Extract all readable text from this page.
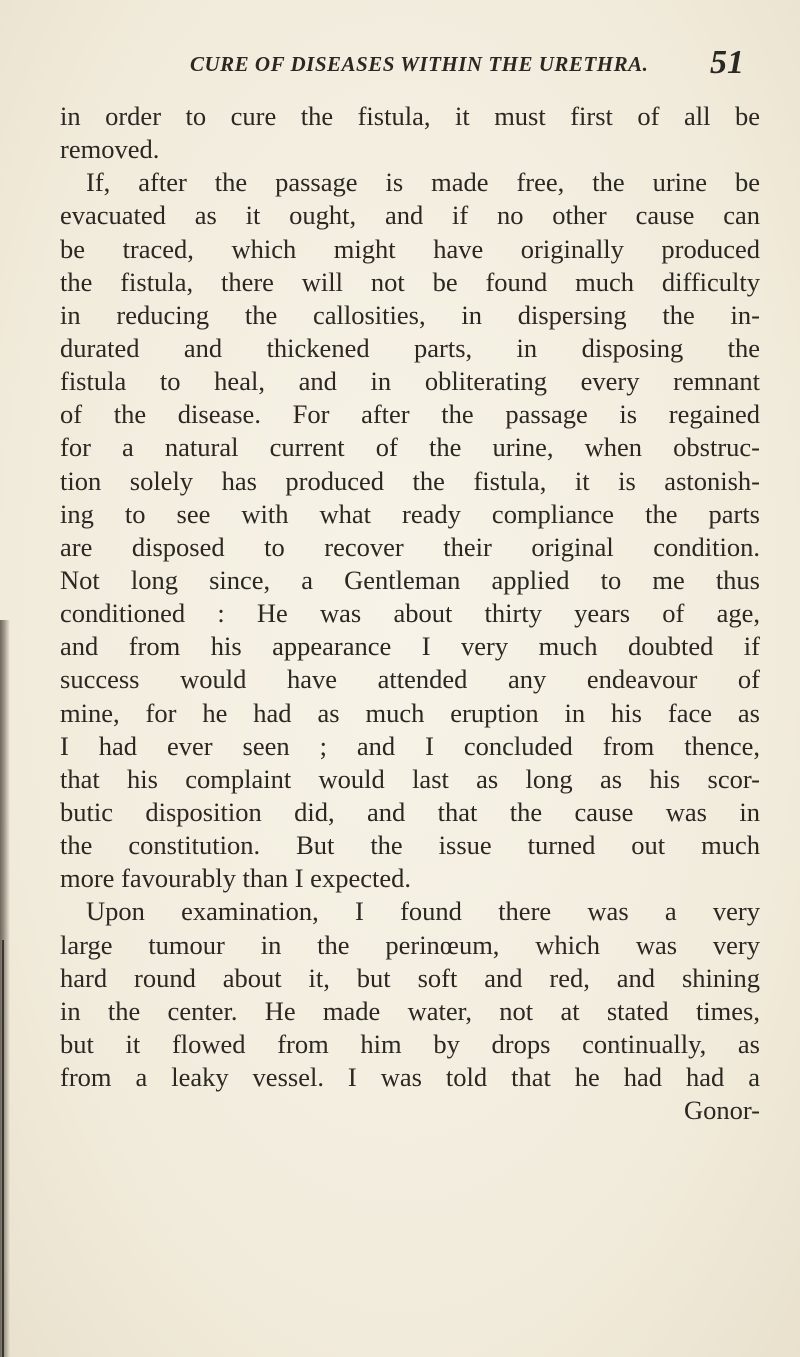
CURE OF DISEASES WITHIN THE URETHRA. 51
in order to cure the fistula, it must first of all be
removed.
If, after the passage is made free, the urine be
evacuated as it ought, and if no other cause can
be traced, which might have originally produced
the fistula, there will not be found much difficulty
in reducing the callosities, in dispersing the in-
durated and thickened parts, in disposing the
fistula to heal, and in obliterating every remnant
of the disease. For after the passage is regained
for a natural current of the urine, when obstruc-
tion solely has produced the fistula, it is astonish-
ing to see with what ready compliance the parts
are disposed to recover their original condition.
Not long since, a Gentleman applied to me thus
conditioned : He was about thirty years of age,
and from his appearance I very much doubted if
success would have attended any endeavour of
mine, for he had as much eruption in his face as
I had ever seen ; and I concluded from thence,
that his complaint would last as long as his scor-
butic disposition did, and that the cause was in
the constitution. But the issue turned out much
more favourably than I expected.
Upon examination, I found there was a very
large tumour in the perinœum, which was very
hard round about it, but soft and red, and shining
in the center. He made water, not at stated times,
but it flowed from him by drops continually, as
from a leaky vessel. I was told that he had had a
Gonor-
